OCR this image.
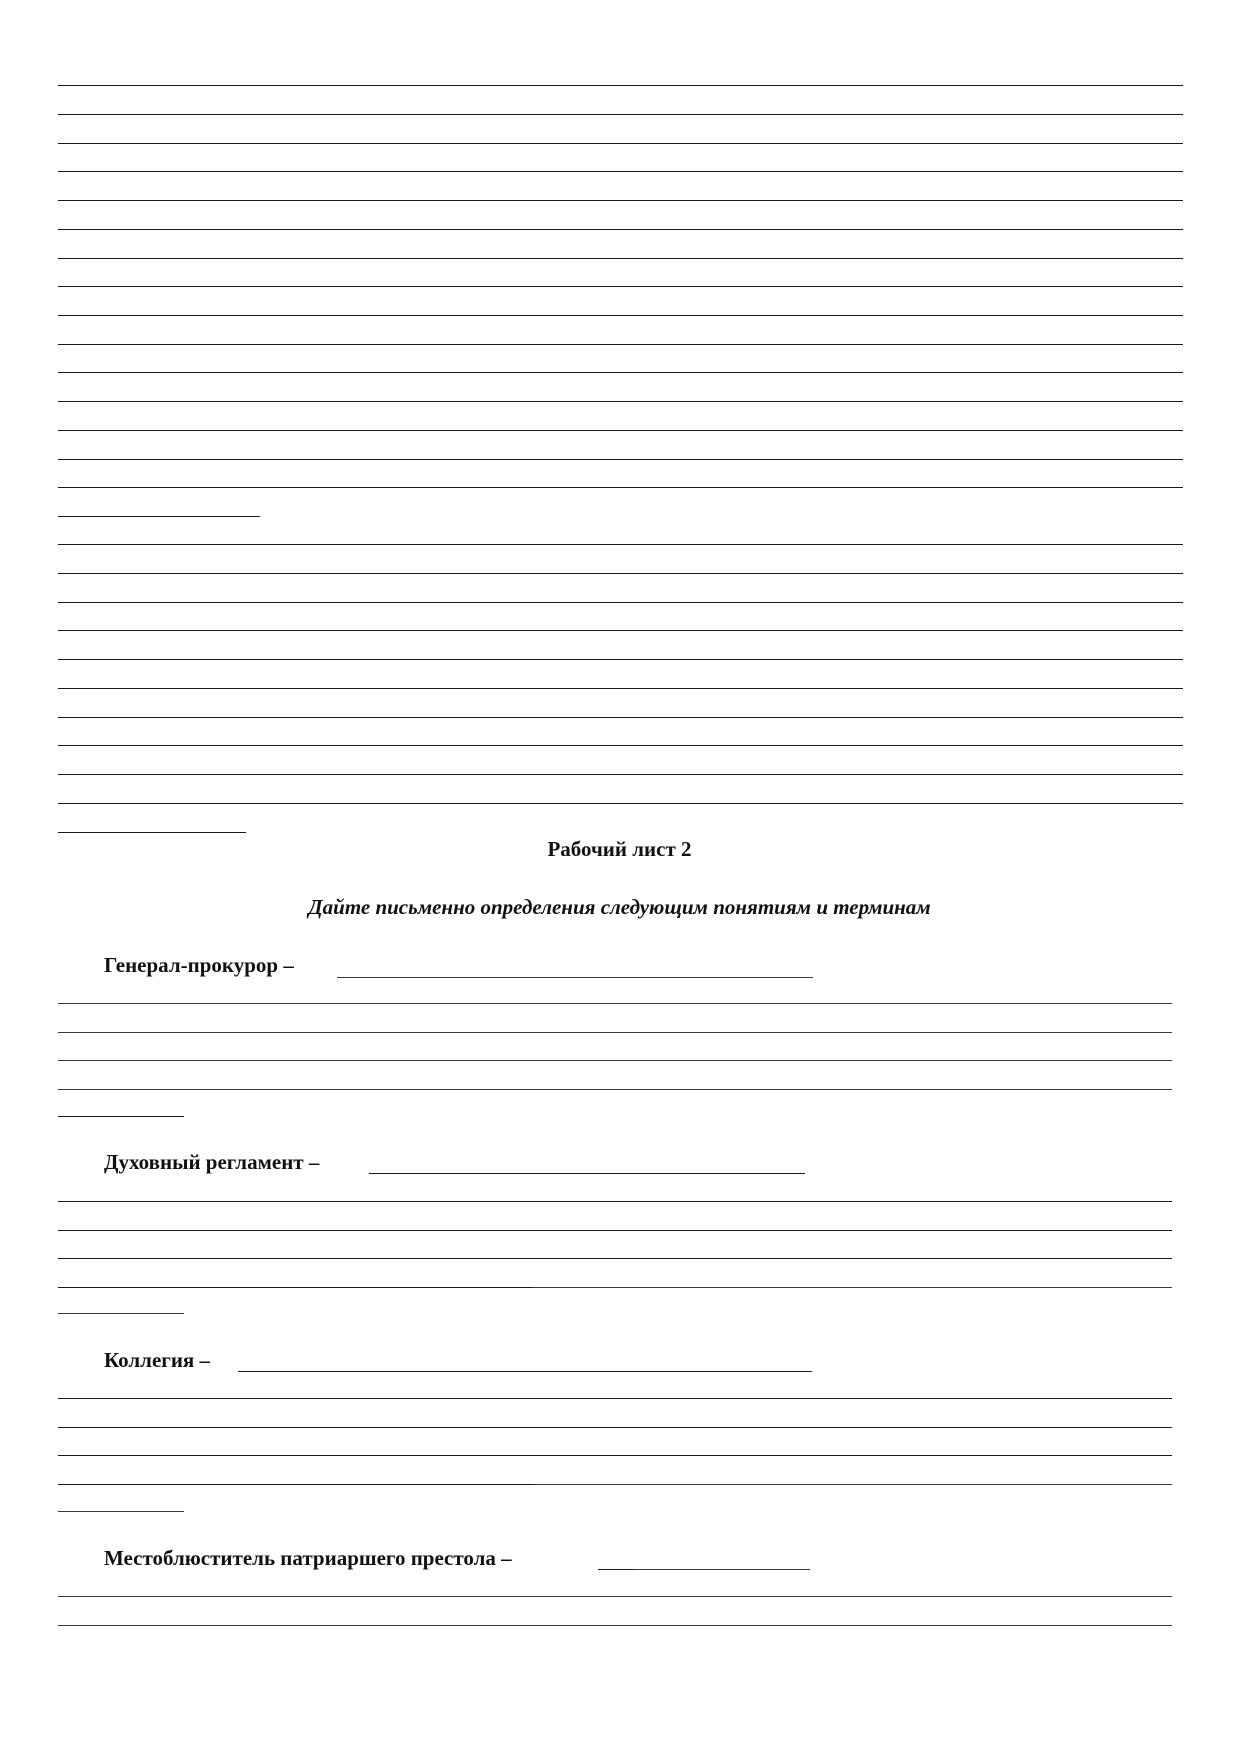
Рабочий лист 2
Дайте письменно определения следующим понятиям и терминам
Генерал-прокурор –
Духовный регламент –
Коллегия –
Местоблюститель патриаршего престола –
